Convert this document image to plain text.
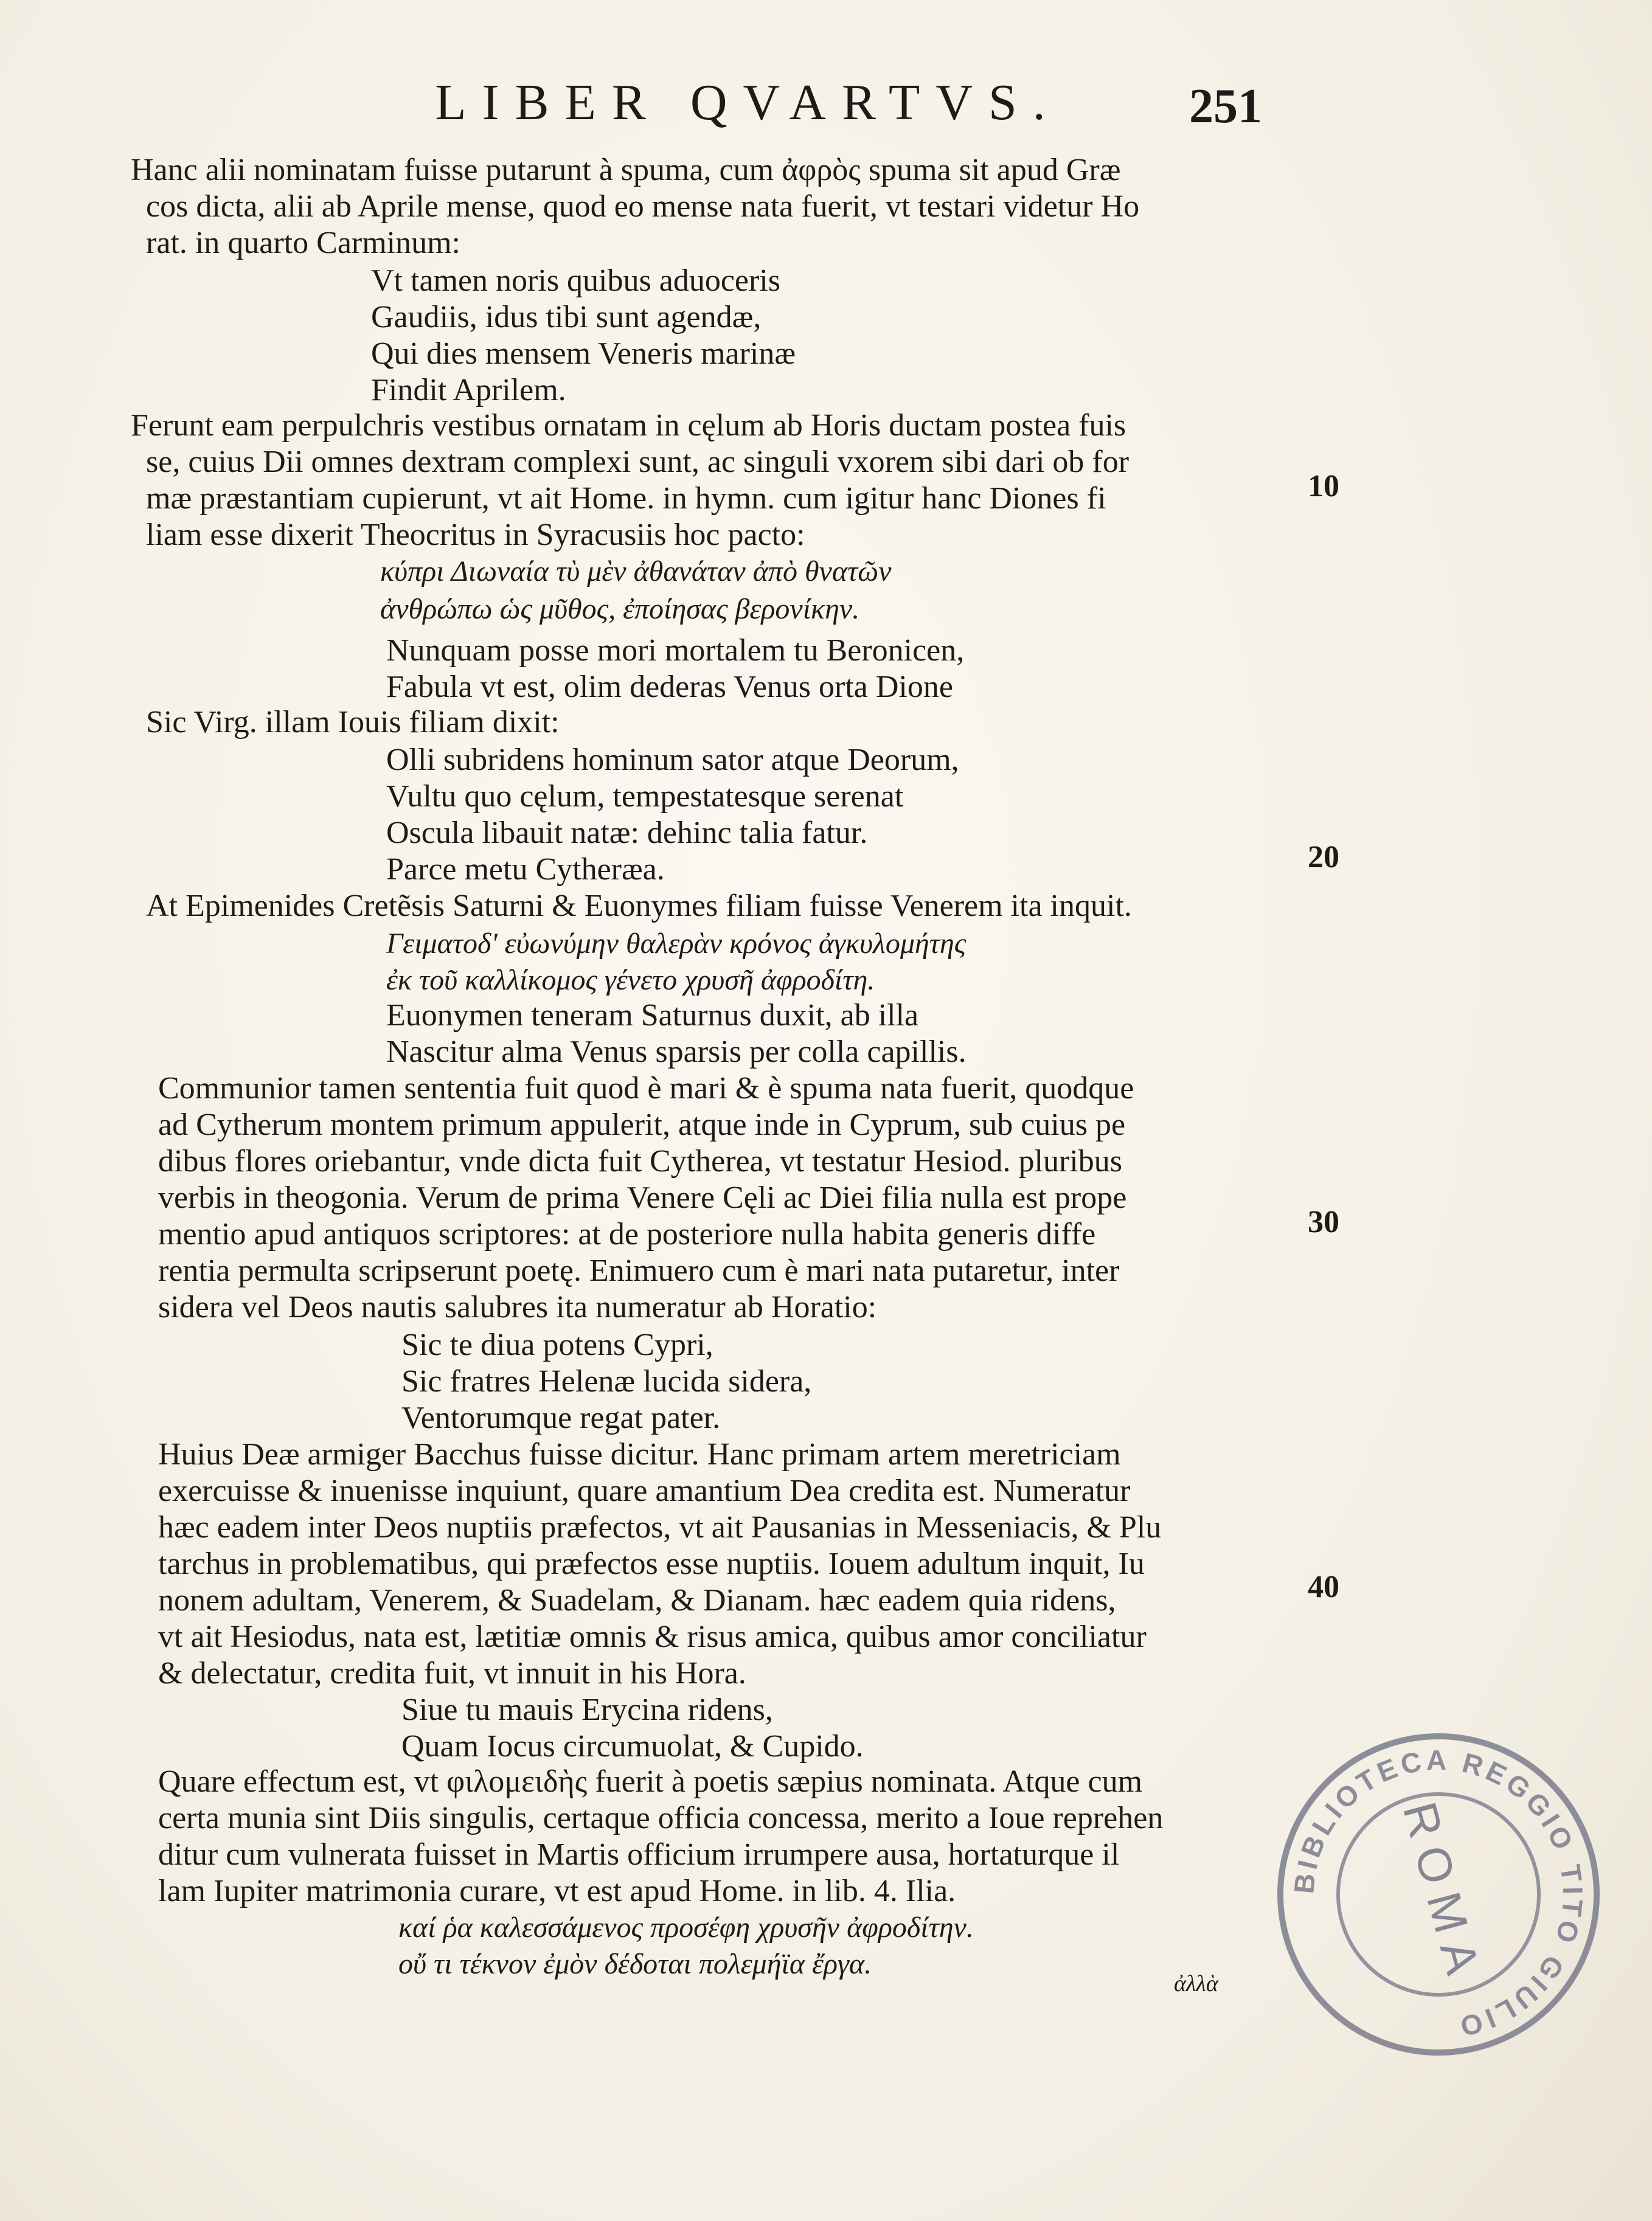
LIBER QVARTVS.	251
Hanc alii nominatam fuisse putarunt à spuma, cum ἀφρὸς spuma sit apud Græ
cos dicta, alii ab Aprile mense, quod eo mense nata fuerit, vt testari videtur Ho
rat. in quarto Carminum:
Vt tamen noris quibus aduoceris
Gaudiis, idus tibi sunt agendæ,
Qui dies mensem Veneris marinæ
Findit Aprilem.
Ferunt eam perpulchris vestibus ornatam in cęlum ab Horis ductam postea fuis
se, cuius Dii omnes dextram complexi sunt, ac singuli vxorem sibi dari ob for
mæ præstantiam cupierunt, vt ait Home. in hymn. cum igitur hanc Diones fi
liam esse dixerit Theocritus in Syracusiis hoc pacto:
κύπρι Διωναία τὺ μὲν ἀθανάταν ἀπὸ θνατῶν
ἀνθρώπω ὡς μῦθος, ἐποίησας βερονίκην.
Nunquam posse mori mortalem tu Beronicen,
Fabula vt est, olim dederas Venus orta Dione
Sic Virg. illam Iouis filiam dixit:
Olli subridens hominum sator atque Deorum,
Vultu quo cęlum, tempestatesque serenat
Oscula libauit natæ: dehinc talia fatur.
Parce metu Cytheræa.
At Epimenides Cretẽsis Saturni & Euonymes filiam fuisse Venerem ita inquit.
Γειματοδ' εὐωνύμην θαλερὰν κρόνος ἀγκυλομήτης
ἐκ τοῦ καλλίκομος γένετο χρυσῆ ἀφροδίτη.
Euonymen teneram Saturnus duxit, ab illa
Nascitur alma Venus sparsis per colla capillis.
Communior tamen sententia fuit quod è mari & è spuma nata fuerit, quodque
ad Cytherum montem primum appulerit, atque inde in Cyprum, sub cuius pe
dibus flores oriebantur, vnde dicta fuit Cytherea, vt testatur Hesiod. pluribus
verbis in theogonia. Verum de prima Venere Cęli ac Diei filia nulla est prope
mentio apud antiquos scriptores: at de posteriore nulla habita generis diffe
rentia permulta scripserunt poetę. Enimuero cum è mari nata putaretur, inter
sidera vel Deos nautis salubres ita numeratur ab Horatio:
Sic te diua potens Cypri,
Sic fratres Helenæ lucida sidera,
Ventorumque regat pater.
Huius Deæ armiger Bacchus fuisse dicitur. Hanc primam artem meretriciam
exercuisse & inuenisse inquiunt, quare amantium Dea credita est. Numeratur
hæc eadem inter Deos nuptiis præfectos, vt ait Pausanias in Messeniacis, & Plu
tarchus in problematibus, qui præfectos esse nuptiis. Iouem adultum inquit, Iu
nonem adultam, Venerem, & Suadelam, & Dianam. hæc eadem quia ridens,
vt ait Hesiodus, nata est, lætitiæ omnis & risus amica, quibus amor conciliatur
& delectatur, credita fuit, vt innuit in his Hora.
Siue tu mauis Erycina ridens,
Quam Iocus circumuolat, & Cupido.
Quare effectum est, vt φιλομειδὴς fuerit à poetis sæpius nominata. Atque cum
certa munia sint Diis singulis, certaque officia concessa, merito a Ioue reprehen
ditur cum vulnerata fuisset in Martis officium irrumpere ausa, hortaturque il
lam Iupiter matrimonia curare, vt est apud Home. in lib. 4. Ilia.
καί ῥα καλεσσάμενος προσέφη χρυσῆν ἀφροδίτην.
οὔ τι τέκνον ἐμὸν δέδοται πολεμήϊα ἔργα.
10
20
30
40
ἀλλὰ
BIBLIOTECA REGGIO TITO GIULIO
ROMA
